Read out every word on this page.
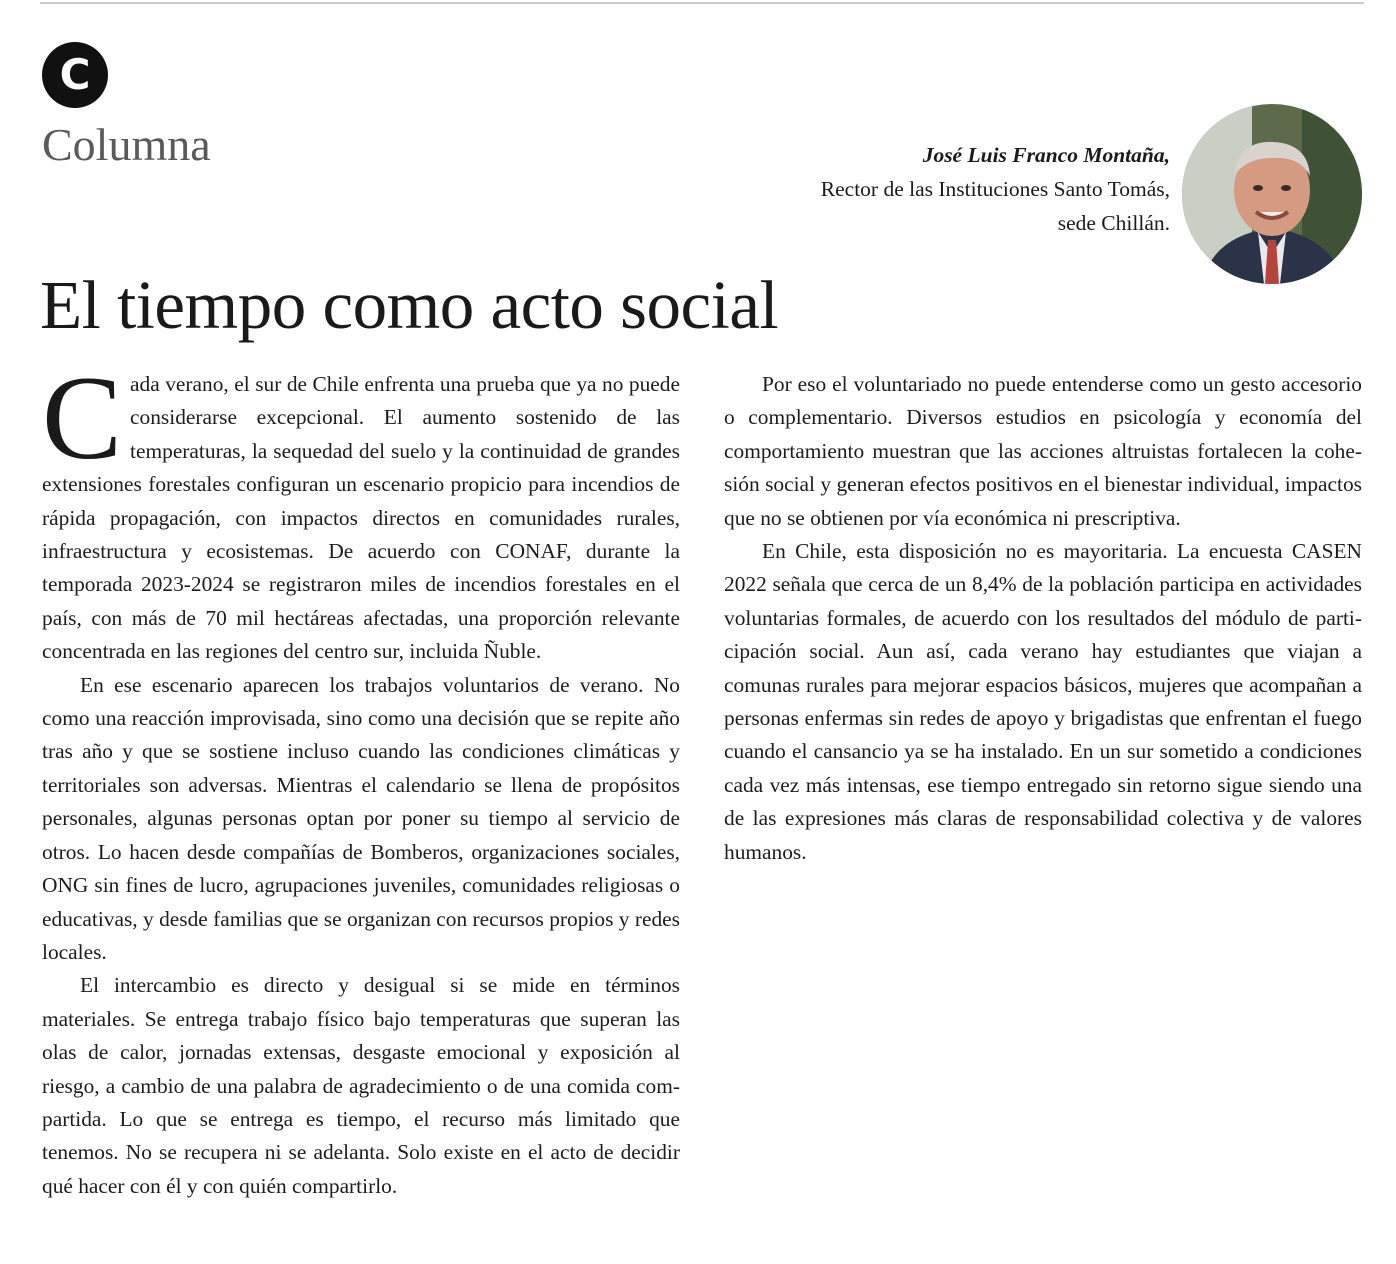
C
Columna	José Luis Franco Montaña,
Rector de las Instituciones Santo Tomás,
sede Chillán.
El tiempo como acto social

Cada verano, el sur de Chile enfrenta una prueba que ya no puede considerarse excepcional. El aumento sostenido de las temperaturas, la sequedad del suelo y la continuidad de grandes extensiones forestales configuran un escenario propicio para incendios de rápida propagación, con impactos directos en comunidades rurales, infraestructura y ecosistemas. De acuerdo con CONAF, durante la temporada 2023-2024 se registraron miles de incendios forestales en el país, con más de 70 mil hectáreas afectadas, una proporción relevante concentrada en las regiones del centro sur, incluida Ñuble.

En ese escenario aparecen los trabajos voluntarios de verano. No como una reacción improvisada, sino como una decisión que se repite año tras año y que se sostiene incluso cuando las condiciones climáticas y territoriales son adversas. Mientras el calendario se llena de propósitos personales, algunas personas optan por poner su tiempo al servicio de otros. Lo hacen desde compañías de Bomberos, organizaciones sociales, ONG sin fines de lucro, agrupaciones juveniles, comunidades religiosas o educativas, y desde familias que se organizan con recursos propios y redes locales.

El intercambio es directo y desigual si se mide en términos materiales. Se entrega trabajo físico bajo temperaturas que superan las olas de calor, jornadas extensas, desgaste emocional y exposición al riesgo, a cambio de una palabra de agradecimiento o de una comida compartida. Lo que se entrega es tiempo, el recurso más limitado que tenemos. No se recupera ni se adelanta. Solo existe en el acto de decidir qué hacer con él y con quién compartirlo.

Por eso el voluntariado no puede entenderse como un gesto accesorio o complementario. Diversos estudios en psicología y economía del comportamiento muestran que las acciones altruistas fortalecen la cohesión social y generan efectos positivos en el bienestar individual, impactos que no se obtienen por vía económica ni prescriptiva.

En Chile, esta disposición no es mayoritaria. La encuesta CASEN 2022 señala que cerca de un 8,4% de la población participa en actividades voluntarias formales, de acuerdo con los resultados del módulo de participación social. Aun así, cada verano hay estudiantes que viajan a comunas rurales para mejorar espacios básicos, mujeres que acompañan a personas enfermas sin redes de apoyo y brigadistas que enfrentan el fuego cuando el cansancio ya se ha instalado. En un sur sometido a condiciones cada vez más intensas, ese tiempo entregado sin retorno sigue siendo una de las expresiones más claras de responsabilidad colectiva y de valores humanos.
